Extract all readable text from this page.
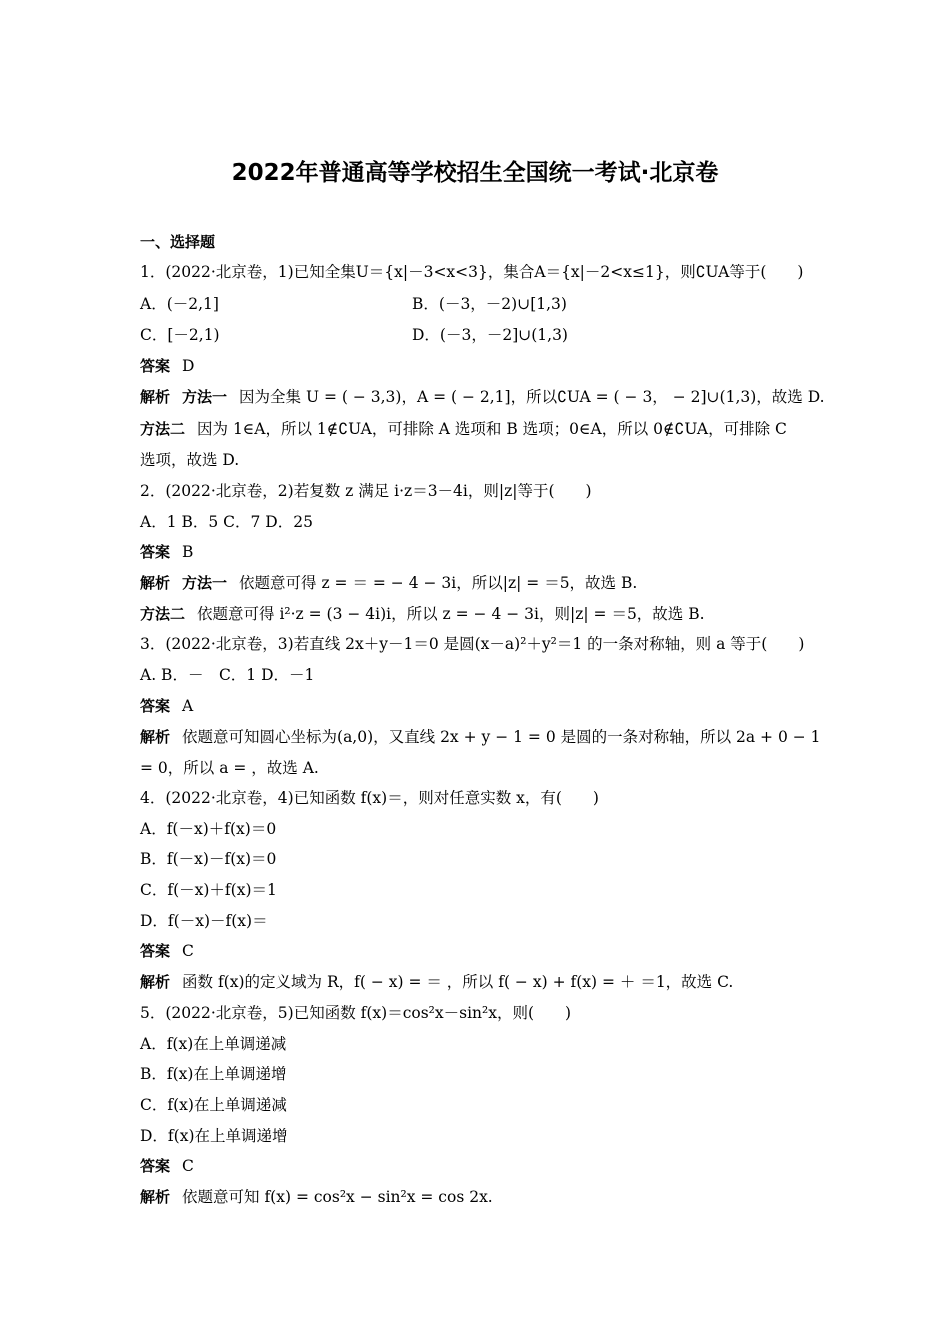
2022年普通高等学校招生全国统一考试·北京卷
一、选择题
1．(2022·北京卷，1)已知全集U＝{x|－3<x<3}，集合A＝{x|－2<x≤1}，则∁UA等于(　　)
A．(－2,1]	B．(－3，－2)∪[1,3)
C．[－2,1)	D．(－3，－2]∪(1,3)
答案 D
解析 方法一 因为全集 U = ( − 3,3)，A = ( − 2,1]，所以∁UA = ( − 3， − 2]∪(1,3)，故选 D.
方法二 因为 1∈A，所以 1∉∁UA，可排除 A 选项和 B 选项；0∈A，所以 0∉∁UA，可排除 C
选项，故选 D.
2．(2022·北京卷，2)若复数 z 满足 i·z＝3－4i，则|z|等于(　　)
A．1 B．5 C．7 D．25
答案 B
解析 方法一 依题意可得 z = ＝ = − 4 − 3i，所以|z| = ＝5，故选 B.
方法二 依题意可得 i²·z = (3 − 4i)i，所以 z = − 4 − 3i，则|z| = ＝5，故选 B.
3．(2022·北京卷，3)若直线 2x＋y－1＝0 是圆(x－a)²＋y²＝1 的一条对称轴，则 a 等于(　　)
A. B．－　C．1 D．－1
答案 A
解析 依题意可知圆心坐标为(a,0)，又直线 2x + y − 1 = 0 是圆的一条对称轴，所以 2a + 0 − 1
= 0，所以 a = ，故选 A.
4．(2022·北京卷，4)已知函数 f(x)＝，则对任意实数 x，有(　　)
A．f(－x)＋f(x)＝0
B．f(－x)－f(x)＝0
C．f(－x)＋f(x)＝1
D．f(－x)－f(x)＝
答案 C
解析 函数 f(x)的定义域为 R，f( − x) = ＝ ，所以 f( − x) + f(x) = ＋ ＝1，故选 C.
5．(2022·北京卷，5)已知函数 f(x)＝cos²x－sin²x，则(　　)
A．f(x)在上单调递减
B．f(x)在上单调递增
C．f(x)在上单调递减
D．f(x)在上单调递增
答案 C
解析 依题意可知 f(x) = cos²x − sin²x = cos 2x.
